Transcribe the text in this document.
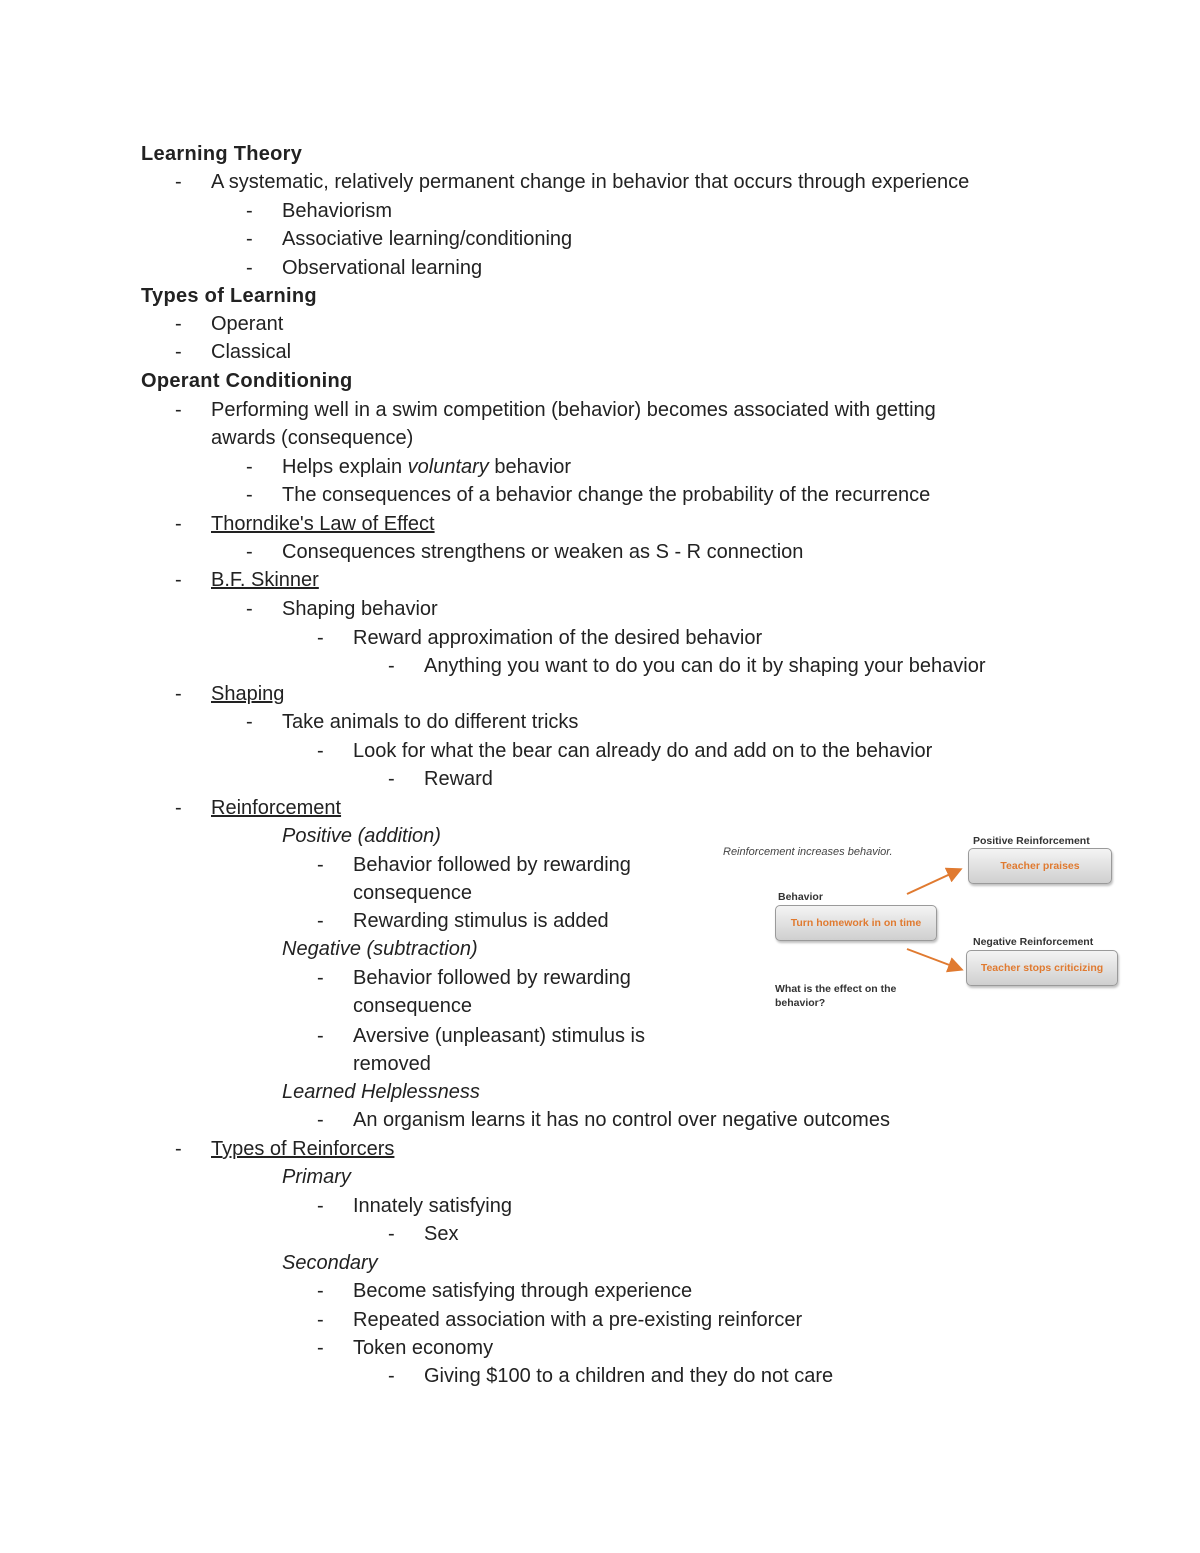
Learning Theory
- A systematic, relatively permanent change in behavior that occurs through experience
- Behaviorism
- Associative learning/conditioning
- Observational learning
Types of Learning
- Operant
- Classical
Operant Conditioning
- Performing well in a swim competition (behavior) becomes associated with getting
awards (consequence)
- Helps explain voluntary behavior
- The consequences of a behavior change the probability of the recurrence
- Thorndike's Law of Effect
- Consequences strengthens or weaken as S - R connection
- B.F. Skinner
- Shaping behavior
- Reward approximation of the desired behavior
- Anything you want to do you can do it by shaping your behavior
- Shaping
- Take animals to do different tricks
- Look for what the bear can already do and add on to the behavior
- Reward
- Reinforcement
Positive (addition)
- Behavior followed by rewarding
consequence
- Rewarding stimulus is added
Negative (subtraction)
- Behavior followed by rewarding
consequence
- Aversive (unpleasant) stimulus is
removed
Learned Helplessness
- An organism learns it has no control over negative outcomes
- Types of Reinforcers
Primary
- Innately satisfying
- Sex
Secondary
- Become satisfying through experience
- Repeated association with a pre-existing reinforcer
- Token economy
- Giving $100 to a children and they do not care
Reinforcement increases behavior.
Positive Reinforcement
Teacher praises
Behavior
Turn homework in on time
Negative Reinforcement
Teacher stops criticizing
What is the effect on the behavior?
